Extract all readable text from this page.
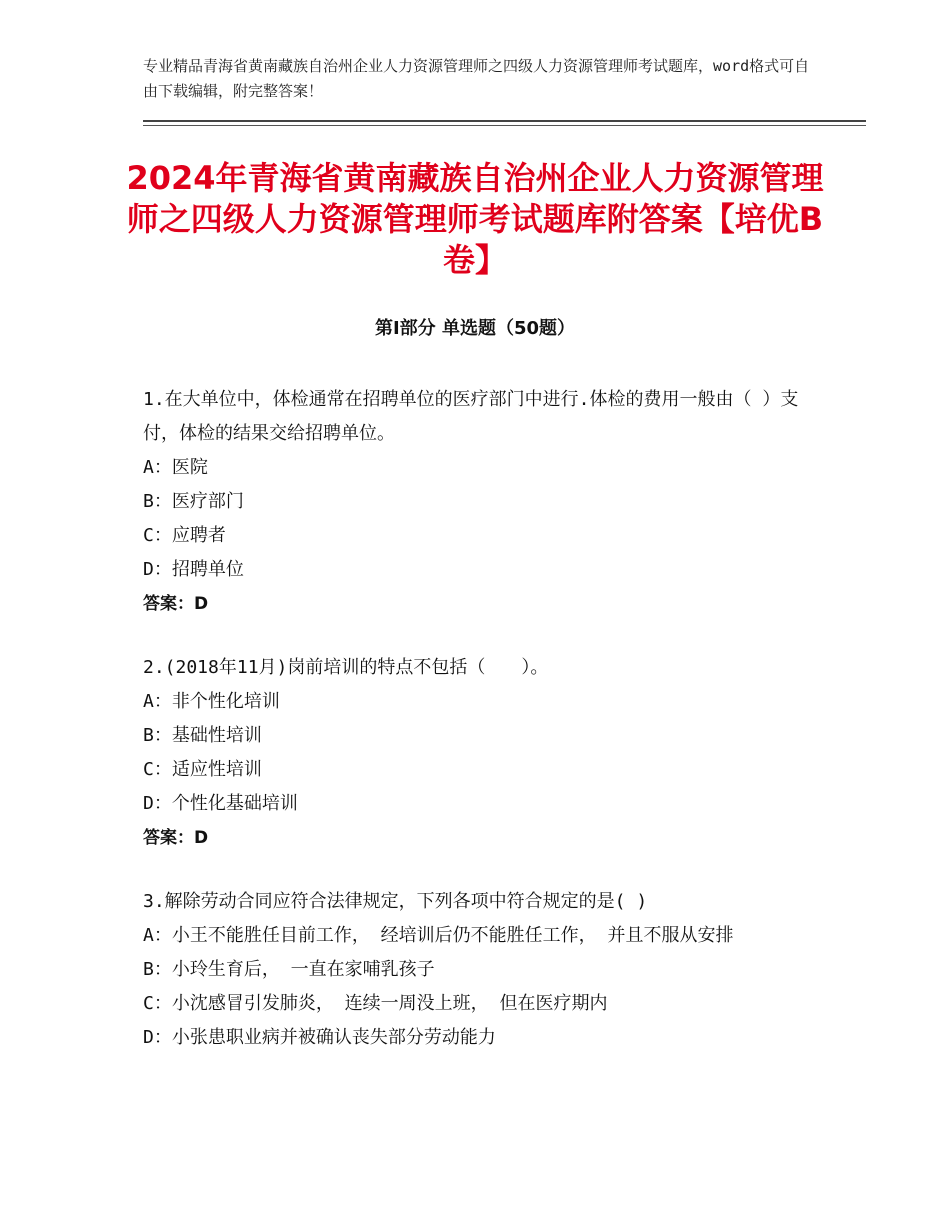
专业精品青海省黄南藏族自治州企业人力资源管理师之四级人力资源管理师考试题库，word格式可自由下载编辑，附完整答案！
2024年青海省黄南藏族自治州企业人力资源管理师之四级人力资源管理师考试题库附答案【培优B卷】
第Ⅰ部分 单选题（50题）
1.在大单位中，体检通常在招聘单位的医疗部门中进行.体检的费用一般由（ ）支付，体检的结果交给招聘单位。
A：医院
B：医疗部门
C：应聘者
D：招聘单位
答案：D
2.(2018年11月)岗前培训的特点不包括（　　）。
A：非个性化培训
B：基础性培训
C：适应性培训
D：个性化基础培训
答案：D
3.解除劳动合同应符合法律规定，下列各项中符合规定的是( )
A：小王不能胜任目前工作， 经培训后仍不能胜任工作， 并且不服从安排
B：小玲生育后， 一直在家哺乳孩子
C：小沈感冒引发肺炎， 连续一周没上班， 但在医疗期内
D：小张患职业病并被确认丧失部分劳动能力
